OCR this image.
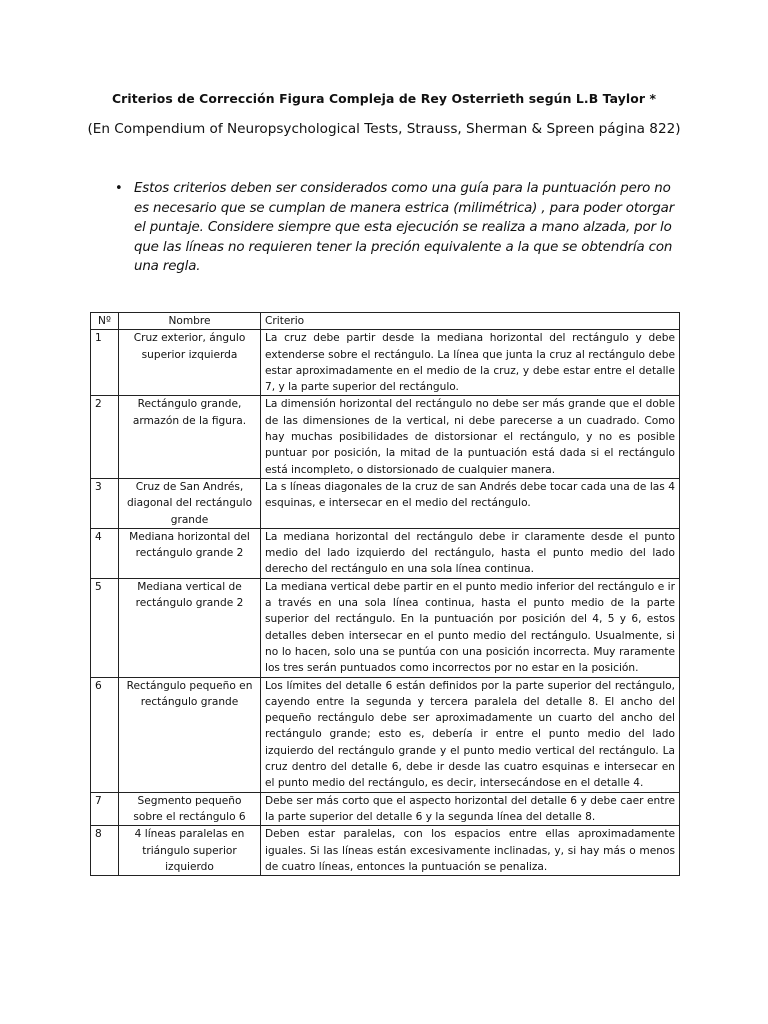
Criterios de Corrección Figura Compleja de Rey Osterrieth según L.B Taylor *
(En Compendium of Neuropsychological Tests, Strauss, Sherman & Spreen página 822)
• Estos criterios deben ser considerados como una guía para la puntuación pero no es necesario que se cumplan de manera estrica (milimétrica) , para poder otorgar el puntaje. Considere siempre que esta ejecución se realiza a mano alzada, por lo que las líneas no requieren tener la preción equivalente a la que se obtendría con una regla.
Nº	Nombre	Criterio
1	Cruz exterior, ángulo superior izquierda	La cruz debe partir desde la mediana horizontal del rectángulo y debe extenderse sobre el rectángulo. La línea que junta la cruz al rectángulo debe estar aproximadamente en el medio de la cruz, y debe estar entre el detalle 7, y la parte superior del rectángulo.
2	Rectángulo grande, armazón de la figura.	La dimensión horizontal del rectángulo no debe ser más grande que el doble de las dimensiones de la vertical, ni debe parecerse a un cuadrado. Como hay muchas posibilidades de distorsionar el rectángulo, y no es posible puntuar por posición, la mitad de la puntuación está dada si el rectángulo está incompleto, o distorsionado de cualquier manera.
3	Cruz de San Andrés, diagonal del rectángulo grande	La s líneas diagonales de la cruz de san Andrés debe tocar cada una de las 4 esquinas, e intersecar en el medio del rectángulo.
4	Mediana horizontal del rectángulo grande 2	La mediana horizontal del rectángulo debe ir claramente desde el punto medio del lado izquierdo del rectángulo, hasta el punto medio del lado derecho del rectángulo en una sola línea continua.
5	Mediana vertical de rectángulo grande 2	La mediana vertical debe partir en el punto medio inferior del rectángulo e ir a través en una sola línea continua, hasta el punto medio de la parte superior del rectángulo. En la puntuación por posición del 4, 5 y 6, estos detalles deben intersecar en el punto medio del rectángulo. Usualmente, si no lo hacen, solo una se puntúa con una posición incorrecta. Muy raramente los tres serán puntuados como incorrectos por no estar en la posición.
6	Rectángulo pequeño en rectángulo grande	Los límites del detalle 6 están definidos por la parte superior del rectángulo, cayendo entre la segunda y tercera paralela del detalle 8. El ancho del pequeño rectángulo debe ser aproximadamente un cuarto del ancho del rectángulo grande; esto es, debería ir entre el punto medio del lado izquierdo del rectángulo grande y el punto medio vertical del rectángulo. La cruz dentro del detalle 6, debe ir desde las cuatro esquinas e intersecar en el punto medio del rectángulo, es decir, intersecándose en el detalle 4.
7	Segmento pequeño sobre el rectángulo 6	Debe ser más corto que el aspecto horizontal del detalle 6 y debe caer entre la parte superior del detalle 6 y la segunda línea del detalle 8.
8	4 líneas paralelas en triángulo superior izquierdo	Deben estar paralelas, con los espacios entre ellas aproximadamente iguales. Si las líneas están excesivamente inclinadas, y, si hay más o menos de cuatro líneas, entonces la puntuación se penaliza.
